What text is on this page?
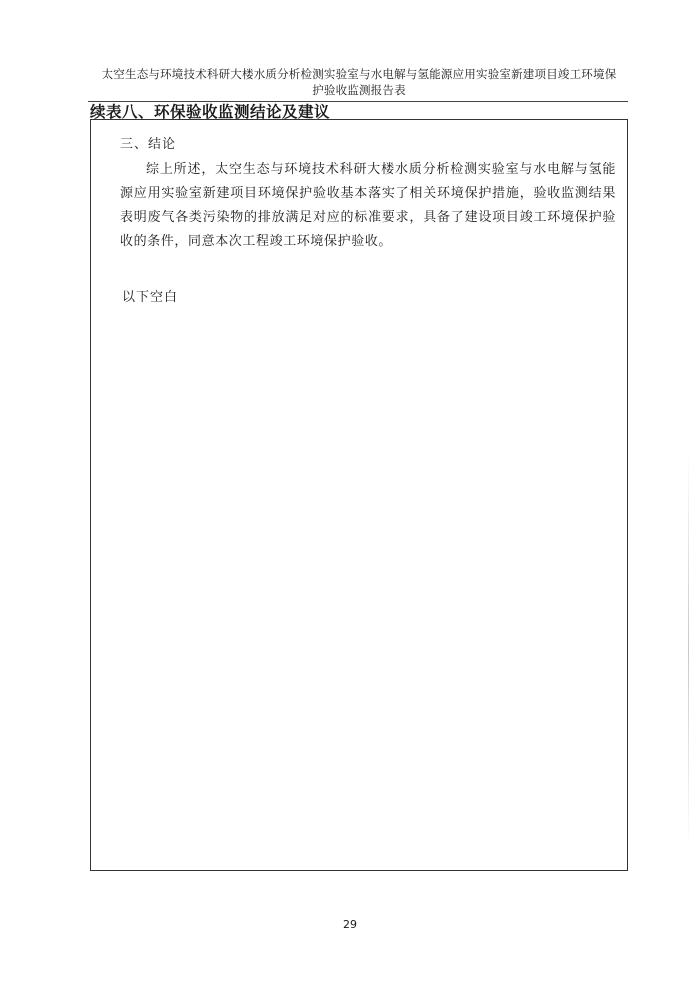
太空生态与环境技术科研大楼水质分析检测实验室与水电解与氢能源应用实验室新建项目竣工环境保
护验收监测报告表
续表八、环保验收监测结论及建议
三、结论

综上所述，太空生态与环境技术科研大楼水质分析检测实验室与水电解与氢能源应用实验室新建项目环境保护验收基本落实了相关环境保护措施，验收监测结果表明废气各类污染物的排放满足对应的标准要求，具备了建设项目竣工环境保护验收的条件，同意本次工程竣工环境保护验收。

以下空白
29
